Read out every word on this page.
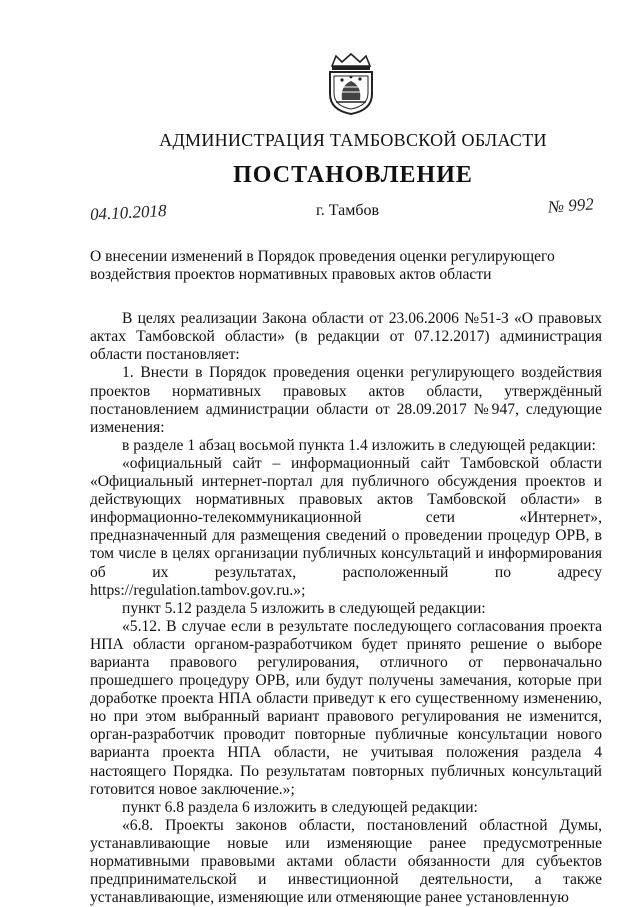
АДМИНИСТРАЦИЯ ТАМБОВСКОЙ ОБЛАСТИ
ПОСТАНОВЛЕНИЕ
04.10.2018	г. Тамбов	№ 992

О внесении изменений в Порядок проведения оценки регулирующего воздействия проектов нормативных правовых актов области

В целях реализации Закона области от 23.06.2006 №51-З «О правовых актах Тамбовской области» (в редакции от 07.12.2017) администрация области постановляет:

1. Внести в Порядок проведения оценки регулирующего воздействия проектов нормативных правовых актов области, утверждённый постановлением администрации области от 28.09.2017 №947, следующие изменения:

в разделе 1 абзац восьмой пункта 1.4 изложить в следующей редакции:

«официальный сайт – информационный сайт Тамбовской области «Официальный интернет-портал для публичного обсуждения проектов и действующих нормативных правовых актов Тамбовской области» в информационно-телекоммуникационной сети «Интернет», предназначенный для размещения сведений о проведении процедур ОРВ, в том числе в целях организации публичных консультаций и информирования об их результатах, расположенный по адресу https://regulation.tambov.gov.ru.»;

пункт 5.12 раздела 5 изложить в следующей редакции:

«5.12. В случае если в результате последующего согласования проекта НПА области органом-разработчиком будет принято решение о выборе варианта правового регулирования, отличного от первоначально прошедшего процедуру ОРВ, или будут получены замечания, которые при доработке проекта НПА области приведут к его существенному изменению, но при этом выбранный вариант правового регулирования не изменится, орган-разработчик проводит повторные публичные консультации нового варианта проекта НПА области, не учитывая положения раздела 4 настоящего Порядка. По результатам повторных публичных консультаций готовится новое заключение.»;

пункт 6.8 раздела 6 изложить в следующей редакции:

«6.8. Проекты законов области, постановлений областной Думы, устанавливающие новые или изменяющие ранее предусмотренные нормативными правовыми актами области обязанности для субъектов предпринимательской и инвестиционной деятельности, а также устанавливающие, изменяющие или отменяющие ранее установленную
